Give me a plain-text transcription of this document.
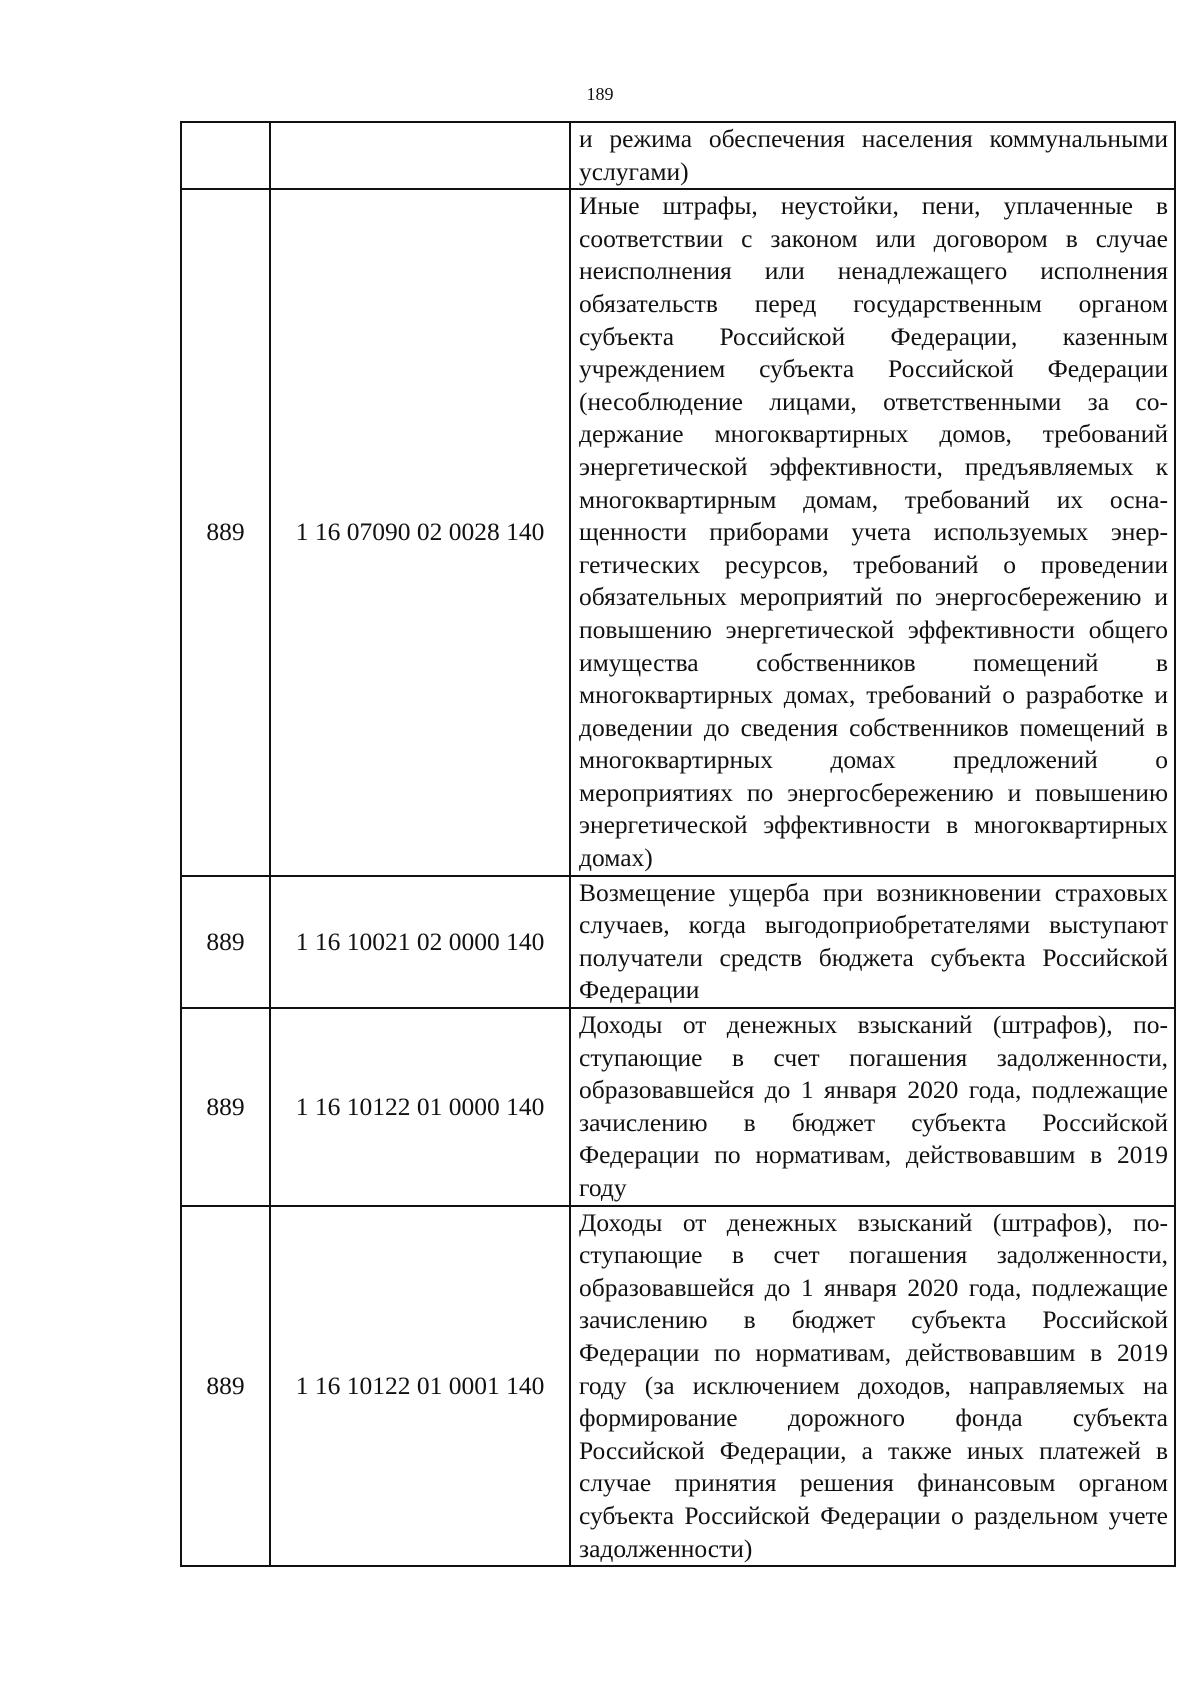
189

		и режима обеспечения населения коммунальными услугами)

889	1 16 07090 02 0028 140	Иные штрафы, неустойки, пени, уплаченные в соответствии с законом или договором в случае неисполнения или ненадлежащего исполнения обязательств перед государственным органом субъекта Российской Федерации, казенным учреждением субъекта Российской Федерации (несоблюдение лицами, ответственными за содержание многоквартирных домов, требований энергетической эффективности, предъявляемых к многоквартирным домам, требований их оснащенности приборами учета используемых энергетических ресурсов, требований о проведении обязательных мероприятий по энергосбережению и повышению энергетической эффективности общего имущества собственников помещений в многоквартирных домах, требований о разработке и доведении до сведения собственников помещений в многоквартирных домах предложений о мероприятиях по энергосбережению и повышению энергетической эффективности в многоквартирных домах)

889	1 16 10021 02 0000 140	Возмещение ущерба при возникновении страховых случаев, когда выгодоприобретателями выступают получатели средств бюджета субъекта Российской Федерации

889	1 16 10122 01 0000 140	Доходы от денежных взысканий (штрафов), поступающие в счет погашения задолженности, образовавшейся до 1 января 2020 года, подлежащие зачислению в бюджет субъекта Российской Федерации по нормативам, действовавшим в 2019 году

889	1 16 10122 01 0001 140	Доходы от денежных взысканий (штрафов), поступающие в счет погашения задолженности, образовавшейся до 1 января 2020 года, подлежащие зачислению в бюджет субъекта Российской Федерации по нормативам, действовавшим в 2019 году (за исключением доходов, направляемых на формирование дорожного фонда субъекта Российской Федерации, а также иных платежей в случае принятия решения финансовым органом субъекта Российской Федерации о раздельном учете задолженности)
